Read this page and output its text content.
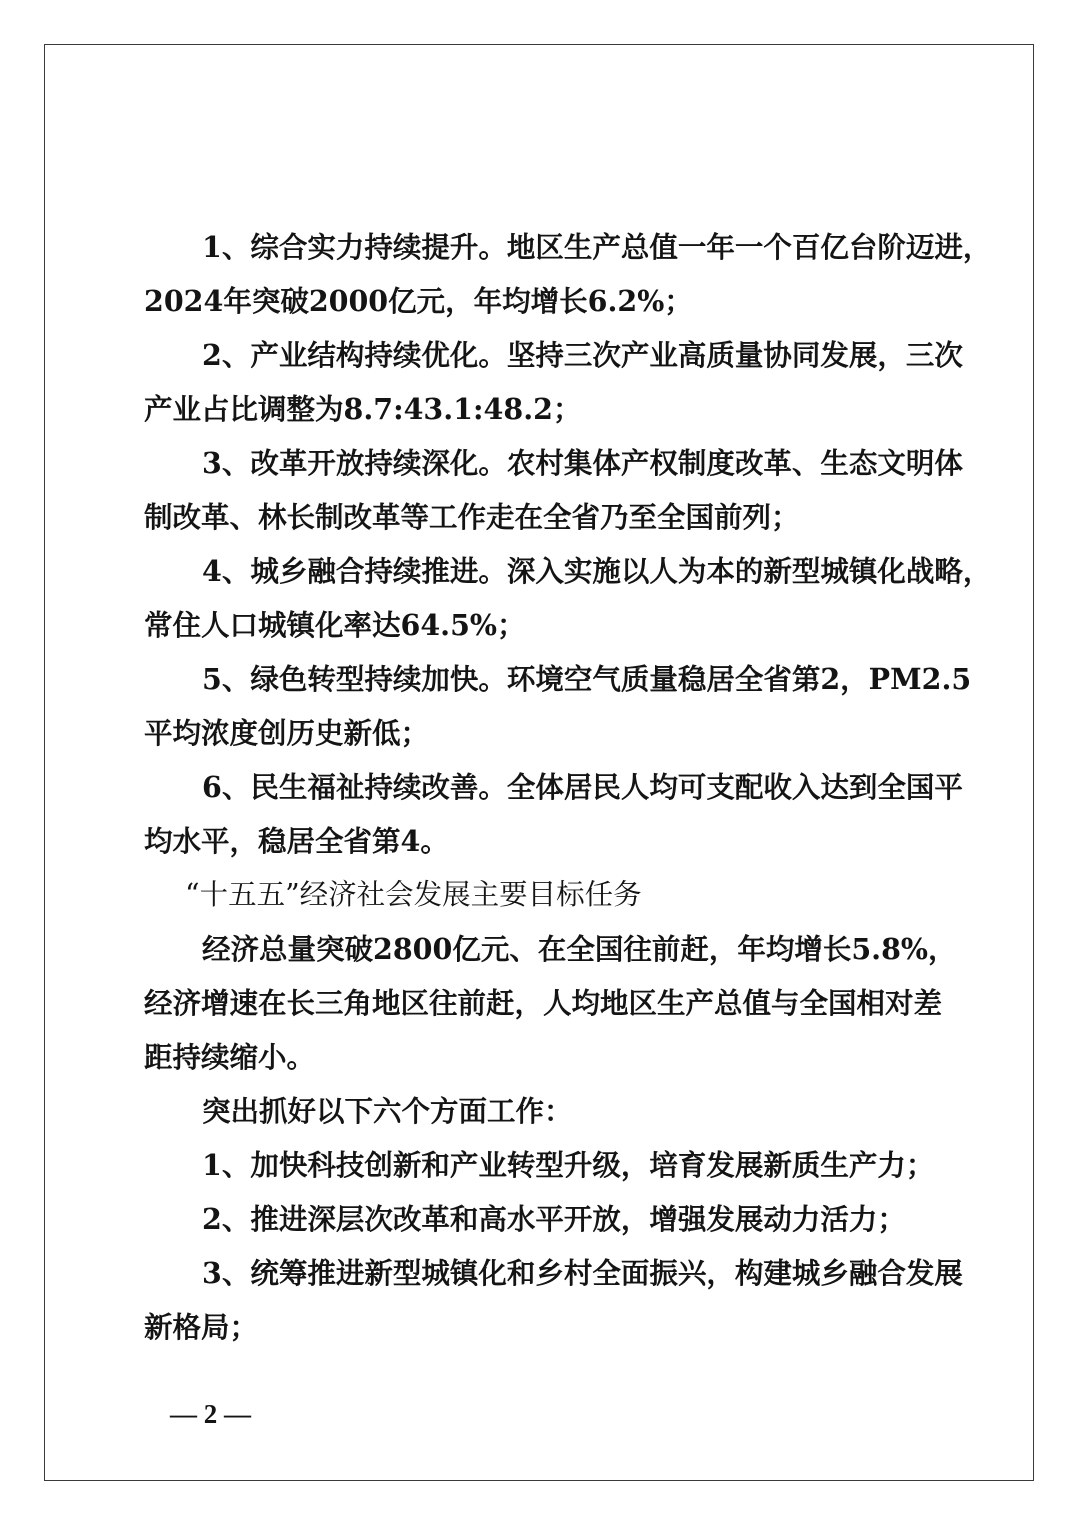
1、综合实力持续提升。地区生产总值一年一个百亿台阶迈进，

2024年突破2000亿元，年均增长6.2%；

2、产业结构持续优化。坚持三次产业高质量协同发展，三次

产业占比调整为8.7:43.1:48.2；

3、改革开放持续深化。农村集体产权制度改革、生态文明体

制改革、林长制改革等工作走在全省乃至全国前列；

4、城乡融合持续推进。深入实施以人为本的新型城镇化战略，

常住人口城镇化率达64.5%；

5、绿色转型持续加快。环境空气质量稳居全省第2，PM2.5

平均浓度创历史新低；

6、民生福祉持续改善。全体居民人均可支配收入达到全国平

均水平，稳居全省第4。

“十五五”经济社会发展主要目标任务

经济总量突破2800亿元、在全国往前赶，年均增长5.8%，

经济增速在长三角地区往前赶，人均地区生产总值与全国相对差

距持续缩小。

突出抓好以下六个方面工作：

1、加快科技创新和产业转型升级，培育发展新质生产力；

2、推进深层次改革和高水平开放，增强发展动力活力；

3、统筹推进新型城镇化和乡村全面振兴，构建城乡融合发展

新格局；

— 2 —
